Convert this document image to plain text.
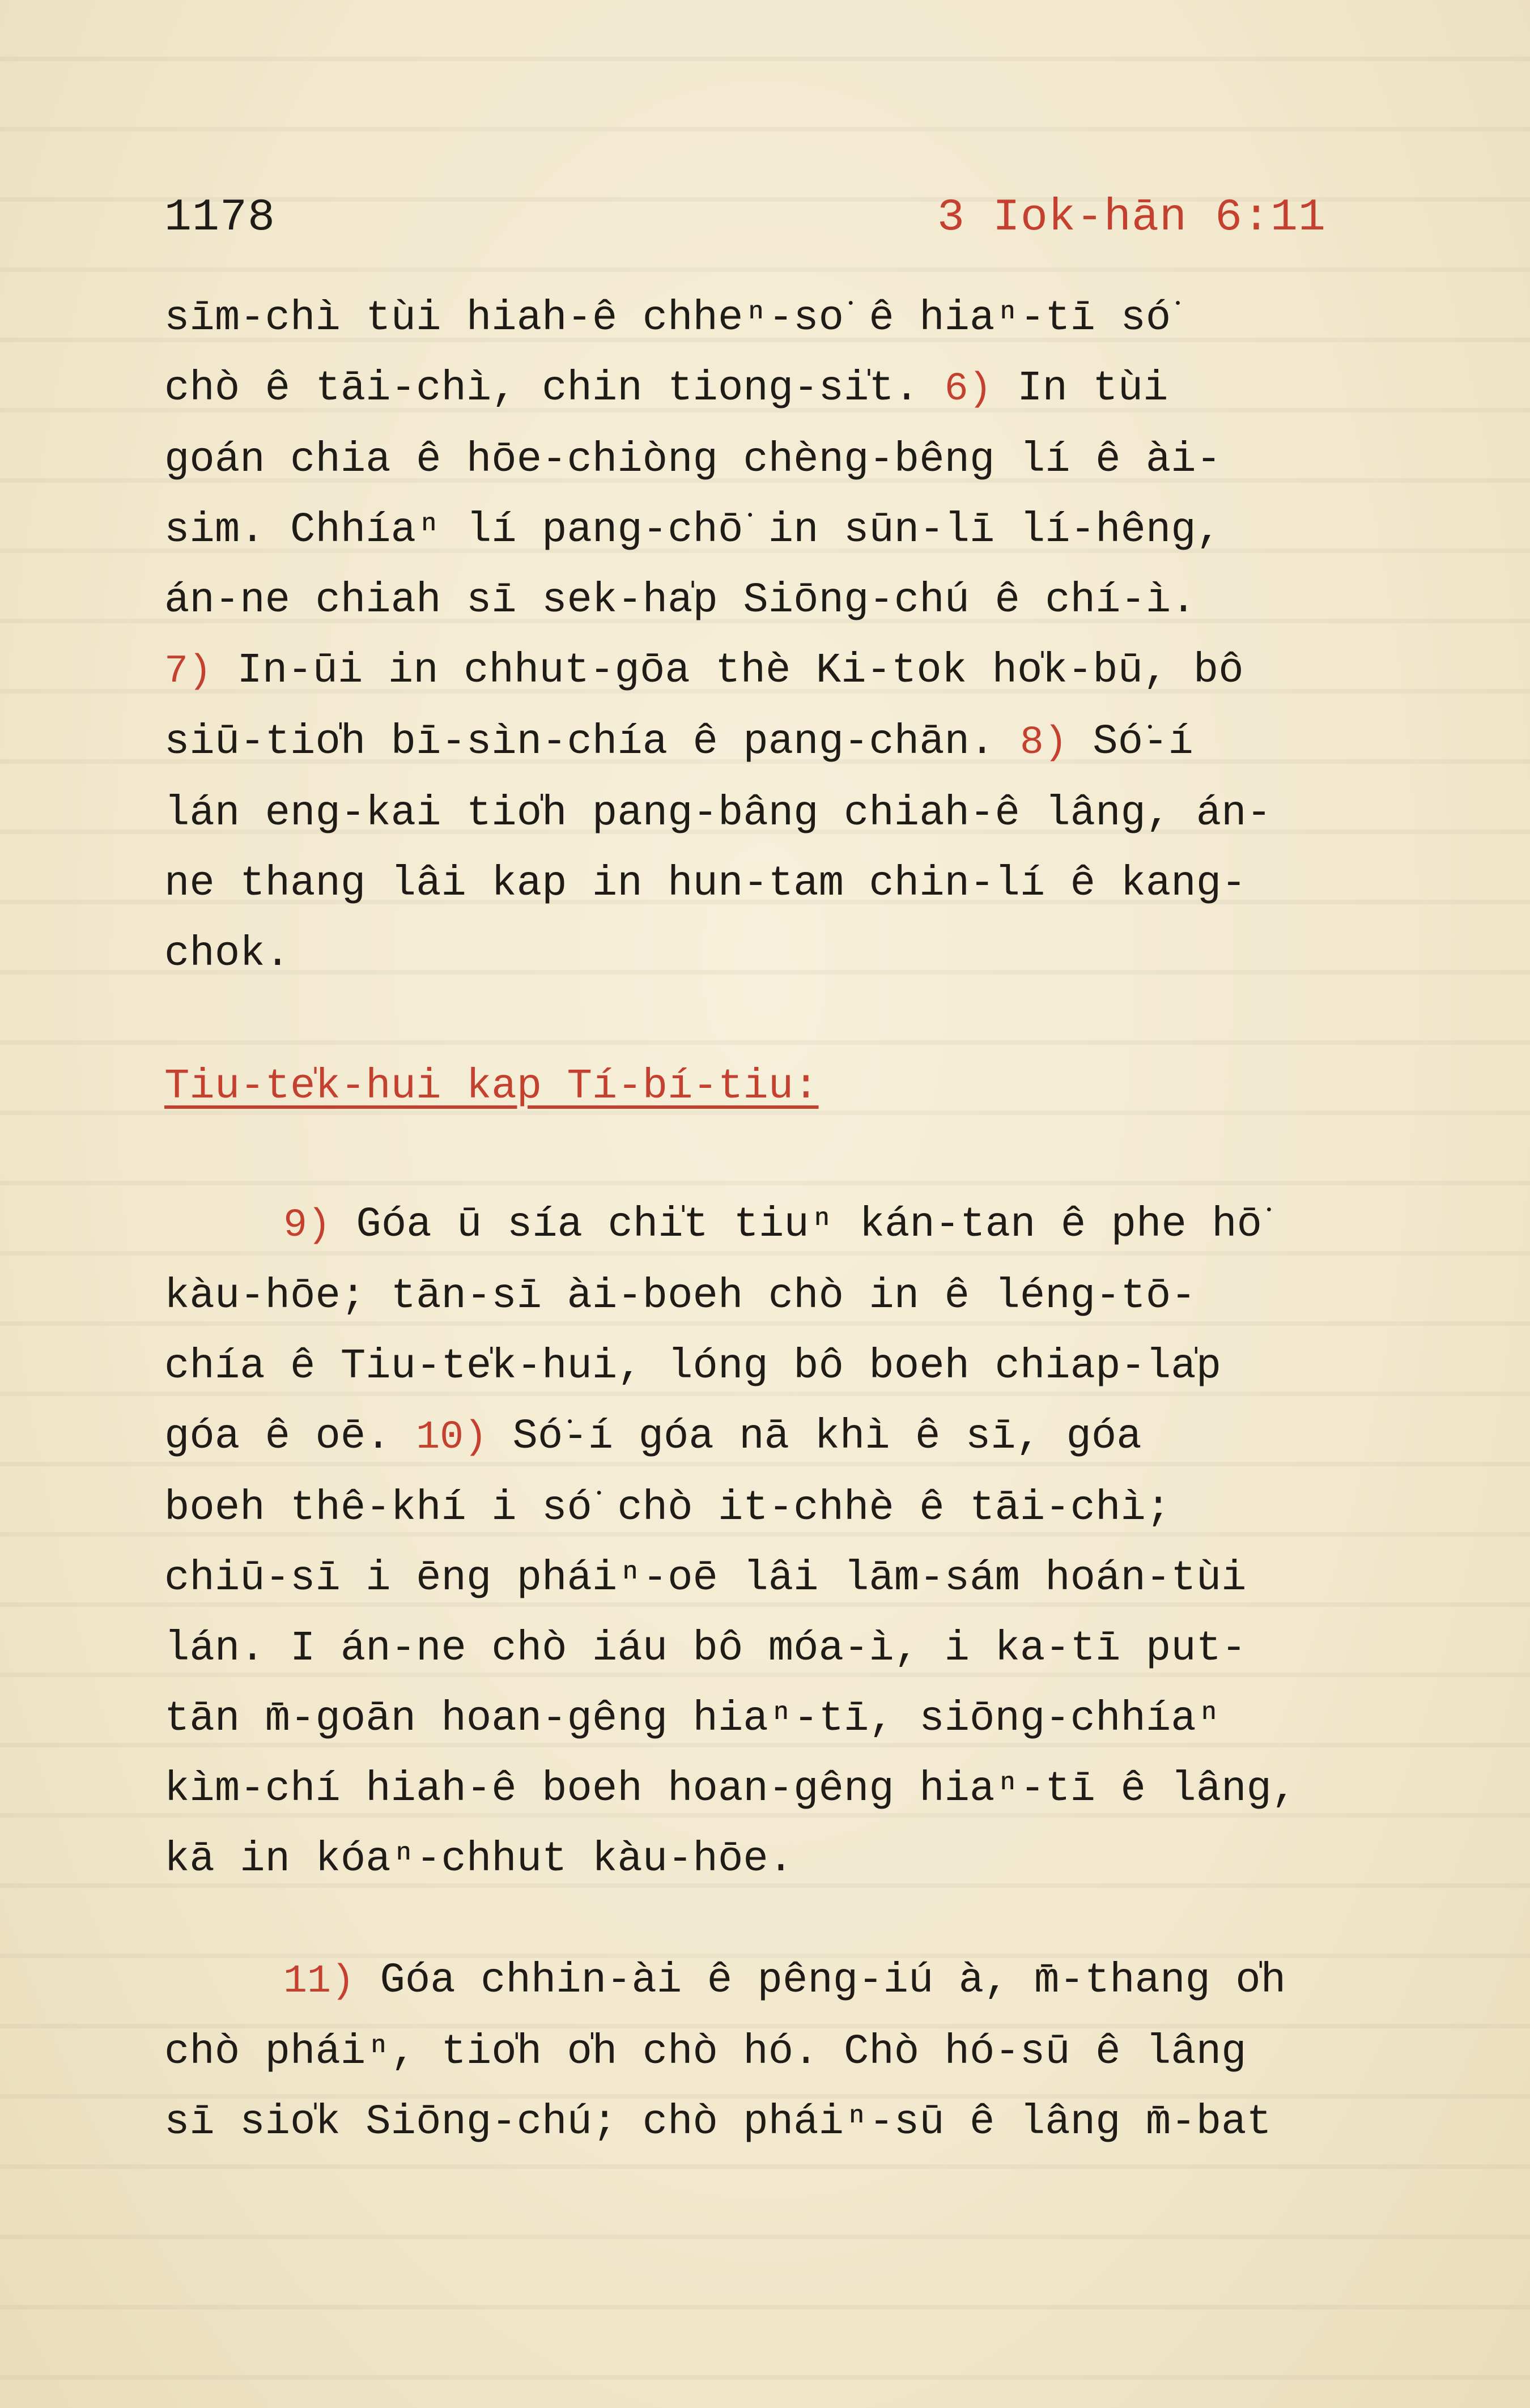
1178	3 Iok-hān 6:11
sīm-chì tùi hiah-ê chheⁿ-so͘ ê hiaⁿ-tī só͘
chò ê tāi-chì, chin tiong-si̍t. 6) In tùi
goán chia ê hōe-chiòng chèng-bêng lí ê ài-
sim. Chhíaⁿ lí pang-chō͘ in sūn-lī lí-hêng,
án-ne chiah sī sek-ha̍p Siōng-chú ê chí-ì.
7) In-ūi in chhut-gōa thè Ki-tok ho̍k-bū, bô
siū-tio̍h bī-sìn-chía ê pang-chān. 8) Só͘-í
lán eng-kai tio̍h pang-bâng chiah-ê lâng, án-
ne thang lâi kap in hun-tam chin-lí ê kang-
chok.
Tiu-te̍k-hui kap Tí-bí-tiu:
9) Góa ū sía chi̍t tiuⁿ kán-tan ê phe hō͘
kàu-hōe; tān-sī ài-boeh chò in ê léng-tō-
chía ê Tiu-te̍k-hui, lóng bô boeh chiap-la̍p
góa ê oē. 10) Só͘-í góa nā khì ê sī, góa
boeh thê-khí i só͘ chò it-chhè ê tāi-chì;
chiū-sī i ēng pháiⁿ-oē lâi lām-sám hoán-tùi
lán. I án-ne chò iáu bô móa-ì, i ka-tī put-
tān m̄-goān hoan-gêng hiaⁿ-tī, siōng-chhíaⁿ
kìm-chí hiah-ê boeh hoan-gêng hiaⁿ-tī ê lâng,
kā in kóaⁿ-chhut kàu-hōe.
11) Góa chhin-ài ê pêng-iú à, m̄-thang o̍h
chò pháiⁿ, tio̍h o̍h chò hó. Chò hó-sū ê lâng
sī sio̍k Siōng-chú; chò pháiⁿ-sū ê lâng m̄-bat
